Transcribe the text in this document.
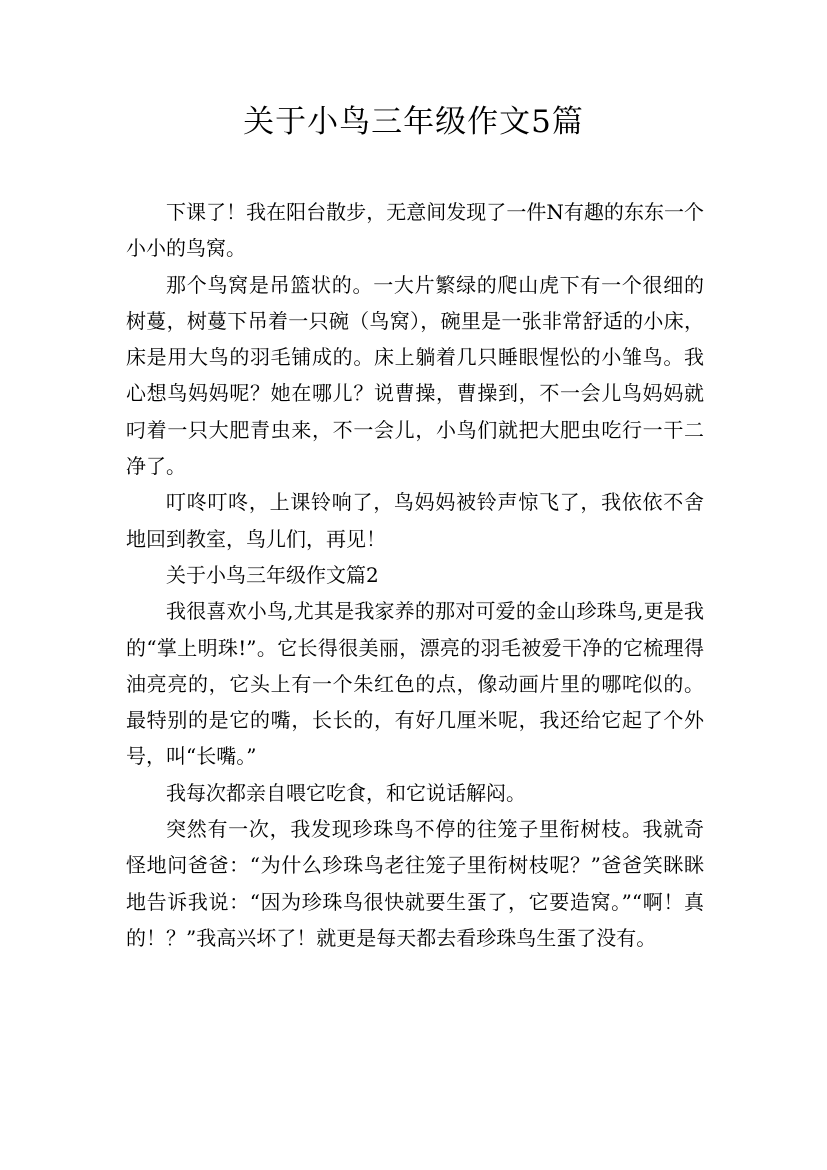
关于小鸟三年级作文5篇

下课了！我在阳台散步，无意间发现了一件N有趣的东东一个小小的鸟窝。

那个鸟窝是吊篮状的。一大片繁绿的爬山虎下有一个很细的树蔓，树蔓下吊着一只碗（鸟窝），碗里是一张非常舒适的小床，床是用大鸟的羽毛铺成的。床上躺着几只睡眼惺忪的小雏鸟。我心想鸟妈妈呢？她在哪儿？说曹操，曹操到，不一会儿鸟妈妈就叼着一只大肥青虫来，不一会儿，小鸟们就把大肥虫吃行一干二净了。

叮咚叮咚，上课铃响了，鸟妈妈被铃声惊飞了，我依依不舍地回到教室，鸟儿们，再见！

关于小鸟三年级作文篇2

我很喜欢小鸟,尤其是我家养的那对可爱的金山珍珠鸟,更是我的“掌上明珠!”。它长得很美丽，漂亮的羽毛被爱干净的它梳理得油亮亮的，它头上有一个朱红色的点，像动画片里的哪咤似的。最特别的是它的嘴，长长的，有好几厘米呢，我还给它起了个外号，叫“长嘴。”

我每次都亲自喂它吃食，和它说话解闷。

突然有一次，我发现珍珠鸟不停的往笼子里衔树枝。我就奇怪地问爸爸：“为什么珍珠鸟老往笼子里衔树枝呢？”爸爸笑眯眯地告诉我说：“因为珍珠鸟很快就要生蛋了，它要造窝。”“啊！真的！？”我高兴坏了！就更是每天都去看珍珠鸟生蛋了没有。
